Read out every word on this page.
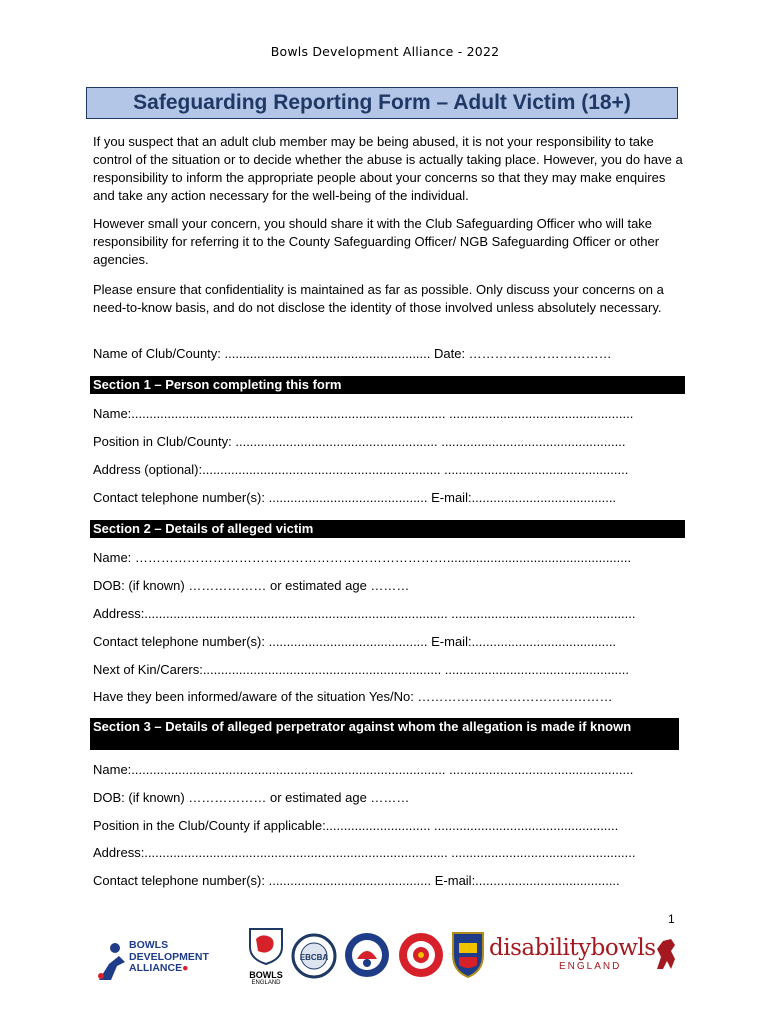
Bowls Development Alliance - 2022
Safeguarding Reporting Form – Adult Victim (18+)

If you suspect that an adult club member may be being abused, it is not your responsibility to take control of the situation or to decide whether the abuse is actually taking place. However, you do have a responsibility to inform the appropriate people about your concerns so that they may make enquires and take any action necessary for the well-being of the individual.

However small your concern, you should share it with the Club Safeguarding Officer who will take responsibility for referring it to the County Safeguarding Officer/ NGB Safeguarding Officer or other agencies.

Please ensure that confidentiality is maintained as far as possible. Only discuss your concerns on a need-to-know basis, and do not disclose the identity of those involved unless absolutely necessary.

Name of Club/County: ......................................................... Date: ……………………………
Section 1 – Person completing this form
Name:....................................................................................... ...................................................
Position in Club/County: ........................................................ ...................................................
Address (optional):.................................................................. ...................................................
Contact telephone number(s): ............................................ E-mail:........................................
Section 2 – Details of alleged victim
Name: ………………………………………………………………...................................................
DOB: (if known) ……………… or estimated age ………
Address:.................................................................................... ...................................................
Contact telephone number(s): ............................................ E-mail:........................................
Next of Kin/Carers:.................................................................. ...................................................
Have they been informed/aware of the situation Yes/No: ………………………………………
Section 3 – Details of alleged perpetrator against whom the allegation is made if known
Name:....................................................................................... ...................................................
DOB: (if known) ……………… or estimated age ………
Position in the Club/County if applicable:............................. ...................................................
Address:.................................................................................... ...................................................
Contact telephone number(s): ............................................. E-mail:........................................
1
BOWLS
DEVELOPMENT
ALLIANCE●
BOWLS
ENGLAND
EBCBA	disabilitybowls
ENGLAND
